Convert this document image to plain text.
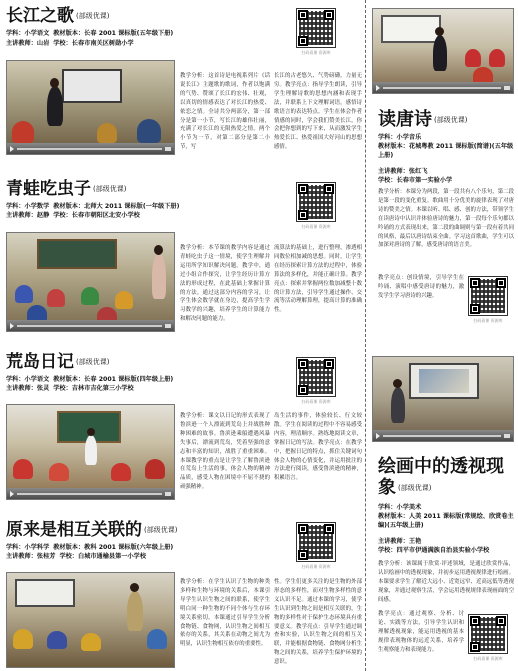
长江之歌 (部级优课)
学科：小学语文 教材版本：长春 2001 课标版(五年级下册)
主讲教师：山岩 学校：长春市南关区树勋小学
扫码看课 资源库
教学分析：这首诗是电视系列片《话说长江》主题歌的歌词，作者以饱满的气势、赞颂了长江的宏伟、壮观，以真切的情感表达了对长江的热爱、依恋之情。全诗共分两部分，第一部分是第一小节，写长江的雄伟壮丽，充满了对长江的无限热爱之情。两个小节为一节，对第二部分是第二小节，写
长江的古老悠久、气势磅礴，力量无穷。教学亮点：指导学生朗读，引导学生理解诗歌的思想内涵和表现手法，并联系上下文理解词语，感悟诗歌语言的表达特点。学生在体会作者情感的同时，学会我们赞美长江，你会把你想到的写下来，从而激发学生热爱长江、热爱祖国大好河山的思想感情。
青蛙吃虫子 (部级优课)
学科：小学数学 教材版本：北师大 2011 课标版(一年级下册)
主讲教师：赵静 学校：长春市朝阳区北安小学校
扫码看课 资源库
教学分析：本节课的教学内容是通过青蛙吃虫子这一情境，使学生理解并运用所学知识解决问题。教学中，通过小组合作探究，让学生经历计算方法的形成过程，在此基础上掌握计算的方法。通过这部分内容的学习，让学生体会数学就在身边，提高学生学习数学的兴趣，培养学生的计算能力和解决问题的能力。
流算法的基础上，进行整理，渗透相同数位相加减的思想。同时，让学生在经历探索计算方法的过程中，体验算法的多样化，并能正确计算。教学亮点：探索并掌握两位数加减整十数的计算方法，引导学生通过操作、交流等活动理解算理，提高计算的准确性。
荒岛日记 (部级优课)
学科：小学语文 教材版本：长春 2001 课标版(四年级上册)
主讲教师：张灵 学校：吉林市吉化第三小学校
扫码看课 资源库
教学分析：课文以日记的形式表现了鲁滨逊一个人漂流到荒岛上并战胜种种困难的故事。鲁滨逊乘船遭遇风暴失事后，漂流到荒岛，凭着坚强的意志和丰富的知识，战胜了重重困难。本课教学的重点是让学生了解鲁滨逊在荒岛上生活的事，体会人物的精神品质，感受人物在困境中不屈不挠的顽强精神。
岛生活的事件，体验较长、行文较散。学生在阅读的过程中不容易感受内容，理清顺序。熟练地阅读文章，掌握日记的写法。教学亮点：在教学中，把握日记的特点，抓住关键词句体会人物的心情变化，并运用批注的方法进行阅读，感受鲁滨逊的精神，积累语言。
原来是相互关联的 (部级优课)
学科：小学科学 教材版本：教科 2001 课标版(六年级上册)
主讲教师：张桂芳 学校：白城市通榆县第一小学校
扫码看课 资源库
教学分析：在学生认识了生物的种类多样和生物与环境的关系后，本课引导学生认识生物之间的联系，使学生明白同一种生物的不同个体与生存环境关系密切。本课通过引导学生分析食物链、食物网，认识生物之间相互依存的关系，其关系在动物之间尤为明显，认识生物相互依存的重要性。
性。学生们更多关注的是生物的外部形态的多样性，而对生物多样性的意义认识不足。通过本课的学习，使学生认识到生物之间是相互关联的，生物的多样性对于保护生态环境具有重要意义。教学亮点：引导学生通过调查和实验，认识生物之间的相互关联，并能根据食物链、食物网分析生物之间的关系，培养学生保护环境的意识。
读唐诗 (部级优课)
学科：小学音乐
教材版本：花城粤教 2011 课标版(简谱)(五年级上册)
主讲教师：张红飞
学校：长春市第一实验小学
教学分析：本课分为两段，第一段共有八个乐句，第二段是第一段的变化重复。歌曲用十分优美的旋律表现了对唐诗的赞美之情。本课以听、唱、感、创的方法，带领学生在读唐诗中认识并体验唐诗的魅力，第一段每个乐句都以吟诵的方式表现出来，第二段的曲调则与第一段有着共同的风格，最后以唐诗结束全曲。学习这首歌曲，学生可以加深对唐诗的了解，感受唐诗的语言美。
教学亮点：创设情境，引导学生在吟诵、演唱中感受唐诗的魅力，激发学生学习唐诗的兴趣。
扫码看课 资源库
绘画中的透视现象 (部级优课)
学科：小学美术
教材版本：人美 2011 课标版(常规绘、欣赏卷主编)(五年级上册)
主讲教师：王艳
学校：四平市伊通满族自治县实验小学校
教学分析：该课属于欣赏·评述领域，是通过欣赏作品，认识绘画中的透视现象，并初步运用透视规律进行绘画。本课要求学生了解近大远小、近宽远窄、近高远低等透视现象，并通过观察生活，学会运用透视规律表现画面的空间感。
教学亮点：通过观察、分析、讨论、实践等方法，引导学生认识和理解透视现象，能运用透视的基本规律表现物体的远近关系，培养学生观察能力和表现能力。
扫码看课 资源库
